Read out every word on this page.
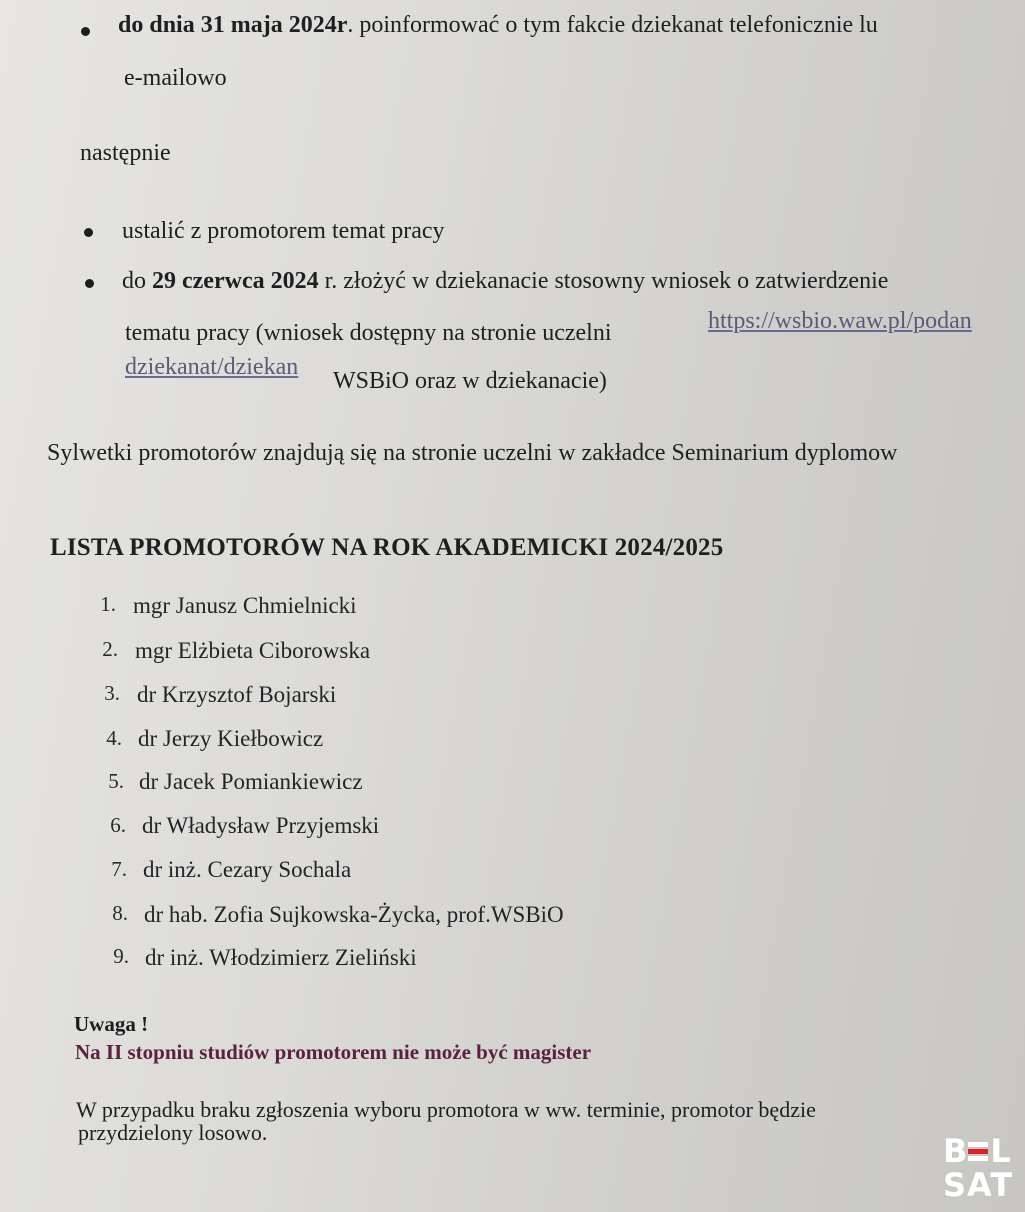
do dnia 31 maja 2024r. poinformować o tym fakcie dziekanat telefonicznie lu
e-mailowo
następnie
ustalić z promotorem temat pracy
do 29 czerwca 2024 r. złożyć w dziekanacie stosowny wniosek o zatwierdzenie
tematu pracy (wniosek dostępny na stronie uczelni	https://wsbio.waw.pl/podan
dziekanat/dziekan
WSBiO oraz w dziekanacie)
Sylwetki promotorów znajdują się na stronie uczelni w zakładce Seminarium dyplomow
LISTA PROMOTORÓW NA ROK AKADEMICKI 2024/2025
1. mgr Janusz Chmielnicki
2. mgr Elżbieta Ciborowska
3. dr Krzysztof Bojarski
4. dr Jerzy Kiełbowicz
5. dr Jacek Pomiankiewicz
6. dr Władysław Przyjemski
7. dr inż. Cezary Sochala
8. dr hab. Zofia Sujkowska-Życka, prof.WSBiO
9. dr inż. Włodzimierz Zieliński
Uwaga !
Na II stopniu studiów promotorem nie może być magister
W przypadku braku zgłoszenia wyboru promotora w ww. terminie, promotor będzie
przydzielony losowo.	B L
SAT
